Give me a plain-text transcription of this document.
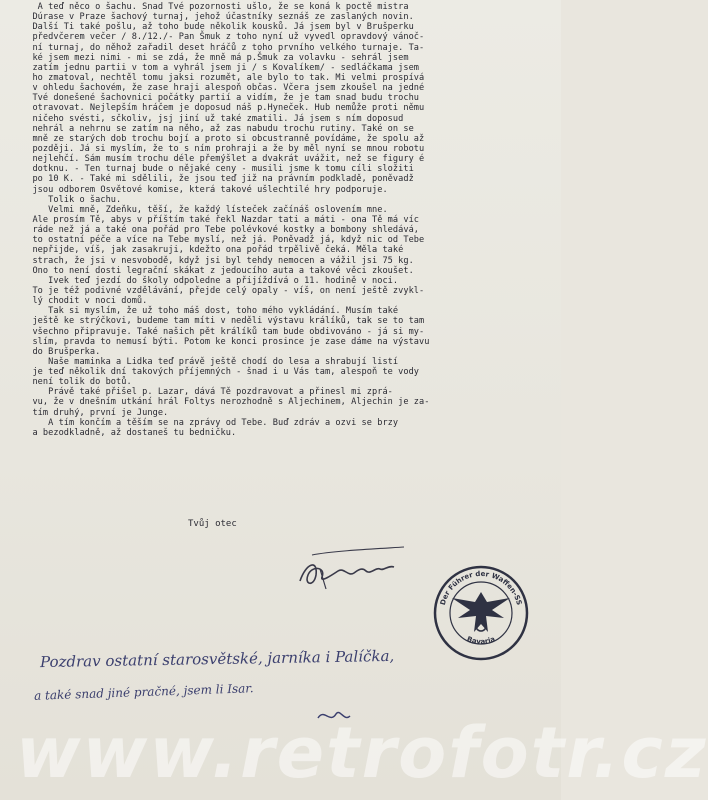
A teď něco o šachu. Snad Tvé pozornosti ušlo, že se koná k poctě mistra
Dúrase v Praze šachový turnaj, jehož účastníky seznáš ze zaslaných novin.
Další Ti také pošlu, až toho bude několik kousků. Já jsem byl v Brušperku
předvčerem večer / 8./12./- Pan Šmuk z toho nyní už vyvedl opravdový vánoč-
ní turnaj, do něhož zařadil deset hráčů z toho prvního velkého turnaje. Ta-
ké jsem mezi nimi - mi se zdá, že mně má p.Šmuk za volavku - sehrál jsem
zatím jednu partii v tom a vyhrál jsem ji / s Kovalíkem/ - sedláčkama jsem
ho zmatoval, nechtěl tomu jaksi rozumět, ale bylo to tak. Mi velmi prospívá
v ohledu šachovém, že zase hraji alespoň občas. Včera jsem zkoušel na jedné
Tvé donešené šachovnici počátky partií a vidím, že je tam snad budu trochu
otravovat. Nejlepším hráčem je doposud náš p.Hyneček. Hub nemůže proti němu
ničeho svésti, sčkoliv, jsj jiní už také zmatili. Já jsem s ním doposud
nehrál a nehrnu se zatím na něho, až zas nabudu trochu rutiny. Také on se
mně ze starých dob trochu bojí a proto si obcustranně povídáme, že spolu až
později. Já si myslím, že to s ním prohraji a že by měl nyní se mnou robotu
nejlehčí. Sám musím trochu déle přemýšlet a dvakrát uvážit, než se figury é
dotknu. - Ten turnaj bude o nějaké ceny - musili jsme k tomu cíli složiti
po 10 K. - Také mi sdělili, že jsou teď již na právním podkladě, poněvadž
jsou odborem Osvětové komise, která takové ušlechtilé hry podporuje.
Tolik o šachu.
Velmi mně, Zdeňku, těší, že každý lísteček začínáš oslovením mne.
Ale prosím Tě, abys v příštím také řekl Nazdar tati a máti - ona Tě má víc
ráde než já a také ona pořád pro Tebe polévkové kostky a bombony shledává,
to ostatní péče a více na Tebe myslí, než já. Poněvadž já, když nic od Tebe
nepřijde, víš, jak zasakruji, kdežto ona pořád trpělivě čeká. Měla také
strach, že jsi v nesvobodě, když jsi byl tehdy nemocen a vážil jsi 75 kg.
Ono to není dosti legrační skákat z jedoucího auta a takové věci zkoušet.
Ivek teď jezdí do školy odpoledne a přijíždívá o 11. hodině v noci.
To je též podivné vzdělávání, přejde celý opaly - víš, on není ještě zvykl-
lý chodit v noci domů.
Tak si myslím, že už toho máš dost, toho mého vykládání. Musím také
ještě ke strýčkovi, budeme tam míti v neděli výstavu králíků, tak se to tam
všechno připravuje. Také našich pět králíků tam bude obdivováno - já si my-
slím, pravda to nemusí býti. Potom ke konci prosince je zase dáme na výstavu
do Brušperka.
Naše maminka a Lidka teď právě ještě chodí do lesa a shrabují listí
je teď několik dní takových příjemných - šnad i u Vás tam, alespoň te vody
není tolik do botů.
Právě také přišel p. Lazar, dává Tě pozdravovat a přinesl mi zprá-
vu, že v dnešním utkání hrál Foltys nerozhodně s Aljechinem, Aljechin je za-
tím druhý, první je Junge.
A tím končím a těším se na zprávy od Tebe. Buď zdráv a ozvi se brzy
a bezodkladně, až dostaneš tu bedničku.
Tvůj otec
Der Führer der Waffen-SS
Bavaria
Pozdrav ostatní starosvětské, jarníka i Palíčka,
a také snad jiné pračné, jsem li Isar.
www.retrofotr.cz
